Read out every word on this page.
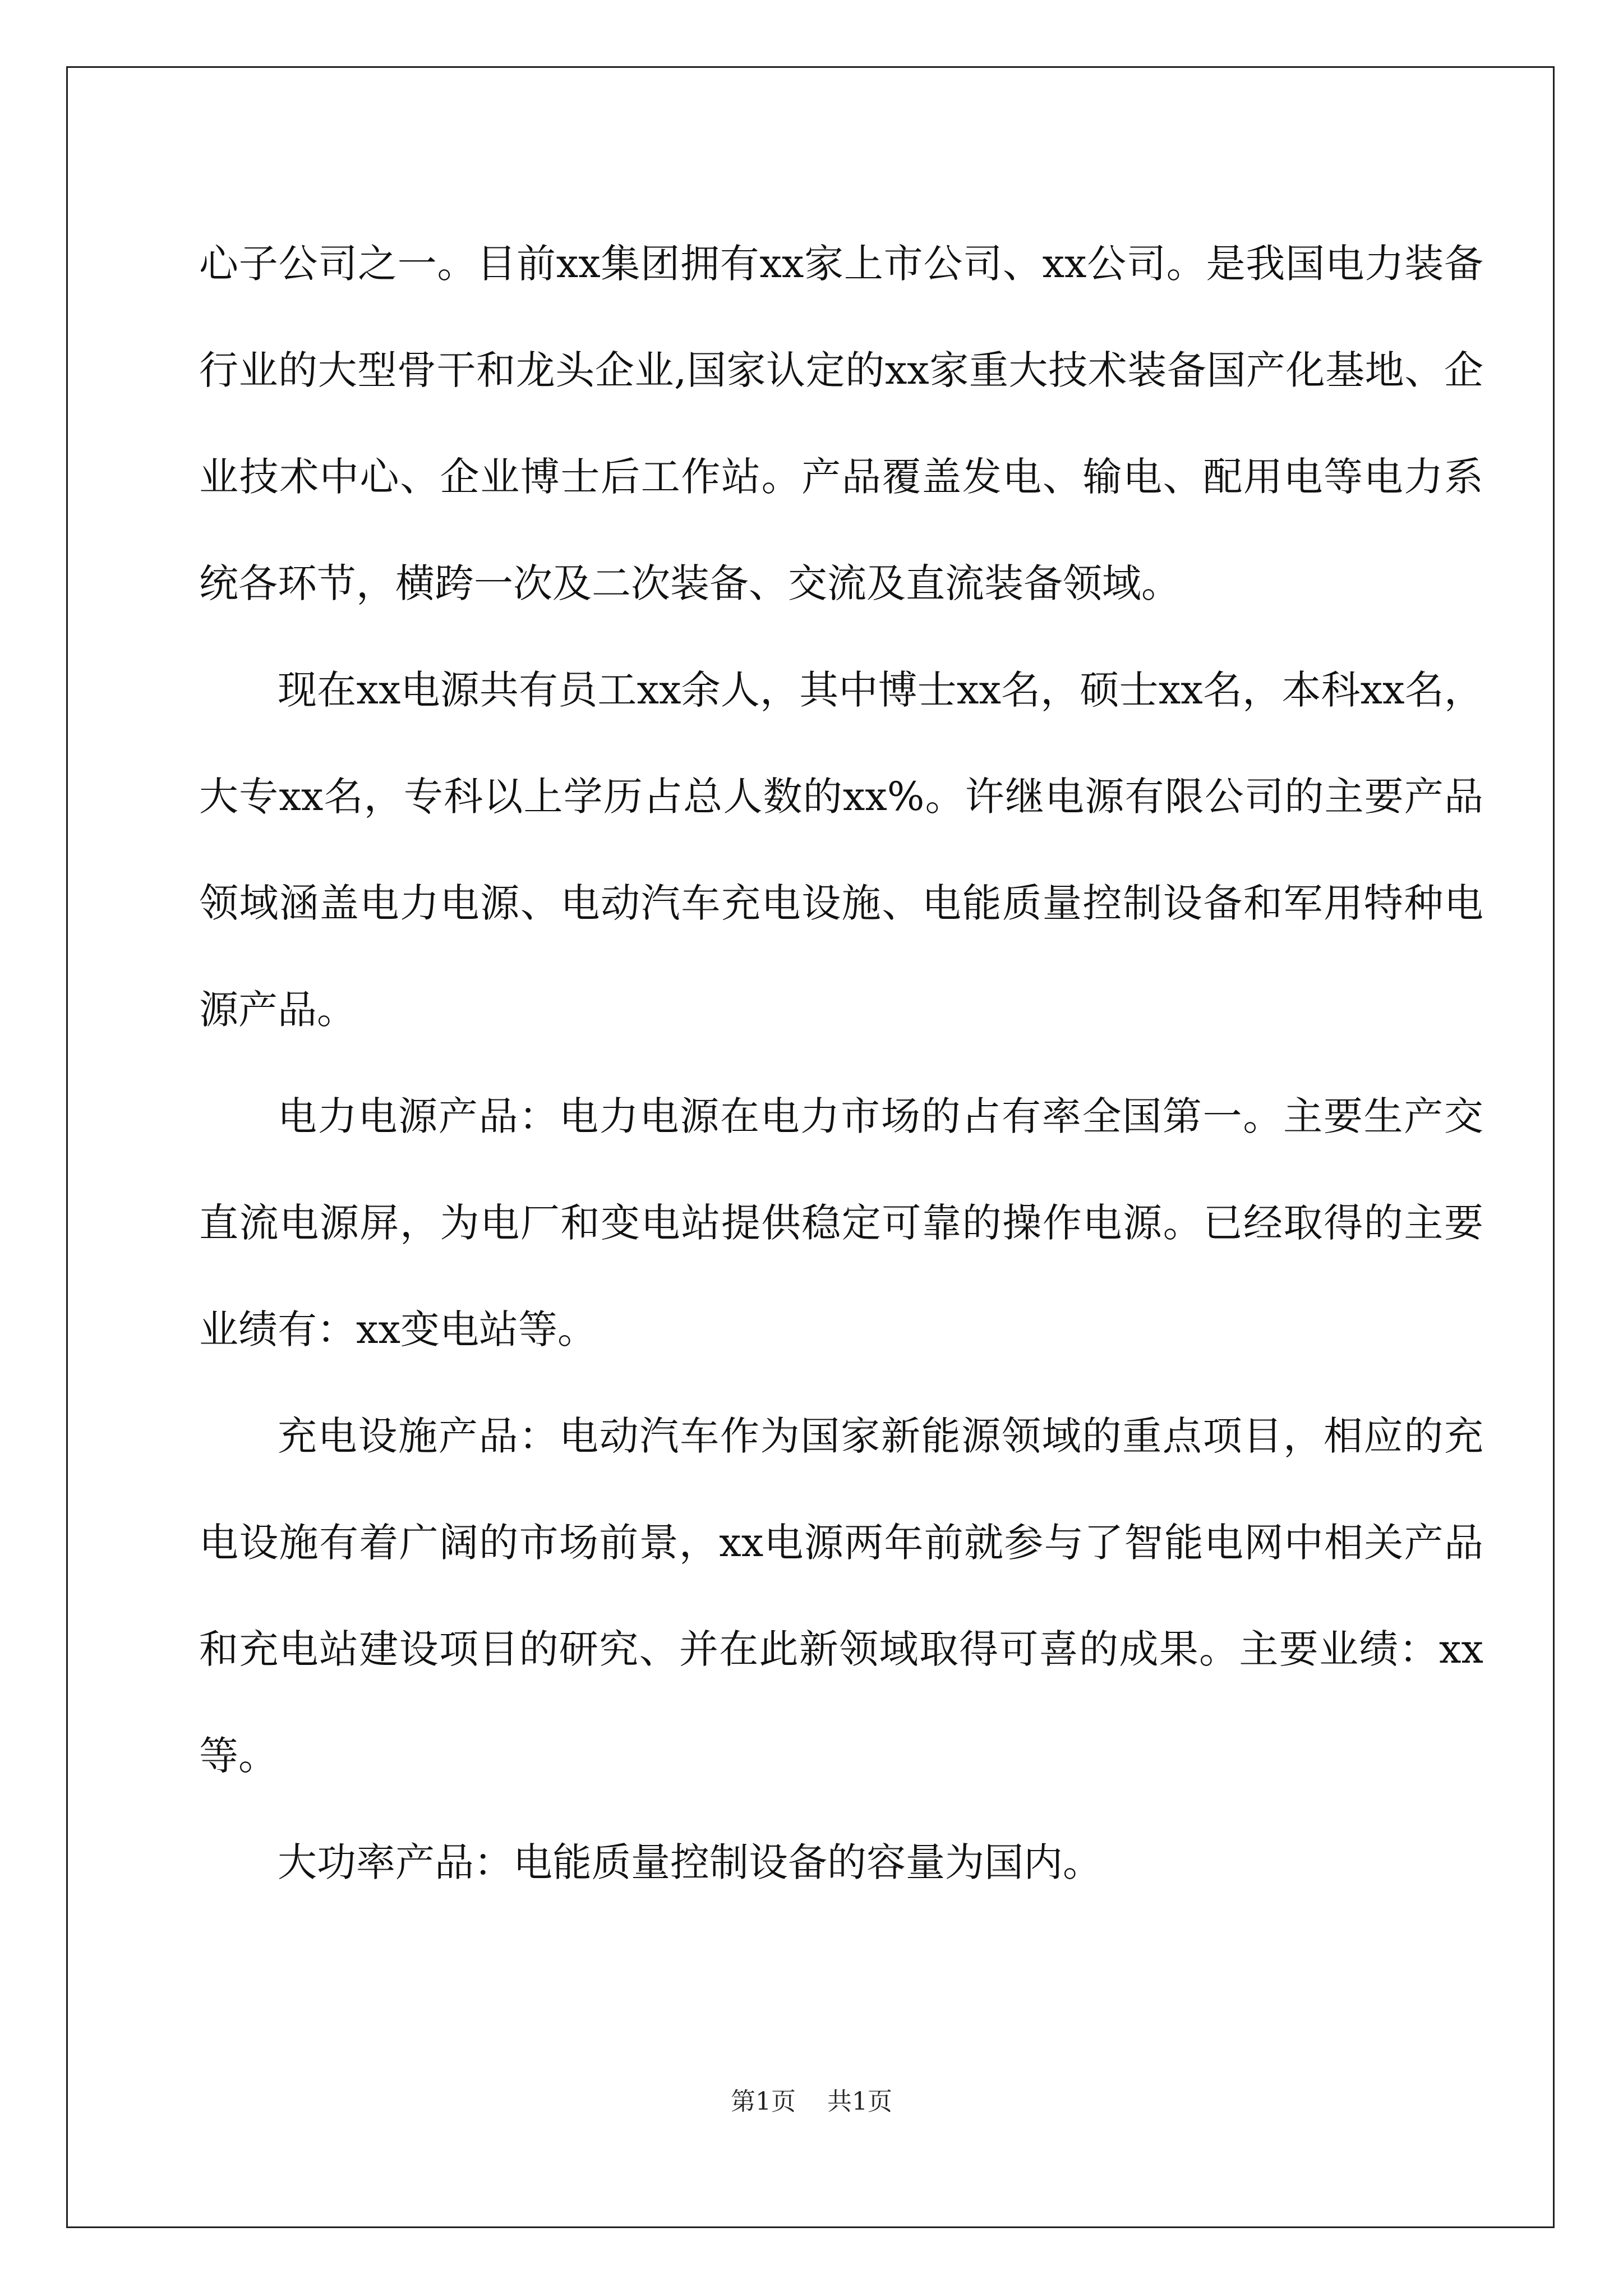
心子公司之一。目前xx集团拥有xx家上市公司、xx公司。是我国电力装备行业的大型骨干和龙头企业,国家认定的xx家重大技术装备国产化基地、企业技术中心、企业博士后工作站。产品覆盖发电、输电、配用电等电力系统各环节，横跨一次及二次装备、交流及直流装备领域。

现在xx电源共有员工xx余人，其中博士xx名，硕士xx名，本科xx名，大专xx名，专科以上学历占总人数的xx%。许继电源有限公司的主要产品领域涵盖电力电源、电动汽车充电设施、电能质量控制设备和军用特种电源产品。

电力电源产品：电力电源在电力市场的占有率全国第一。主要生产交直流电源屏，为电厂和变电站提供稳定可靠的操作电源。已经取得的主要业绩有：xx变电站等。

充电设施产品：电动汽车作为国家新能源领域的重点项目，相应的充电设施有着广阔的市场前景，xx电源两年前就参与了智能电网中相关产品和充电站建设项目的研究、并在此新领域取得可喜的成果。主要业绩：xx等。

大功率产品：电能质量控制设备的容量为国内。

第1页 共1页
